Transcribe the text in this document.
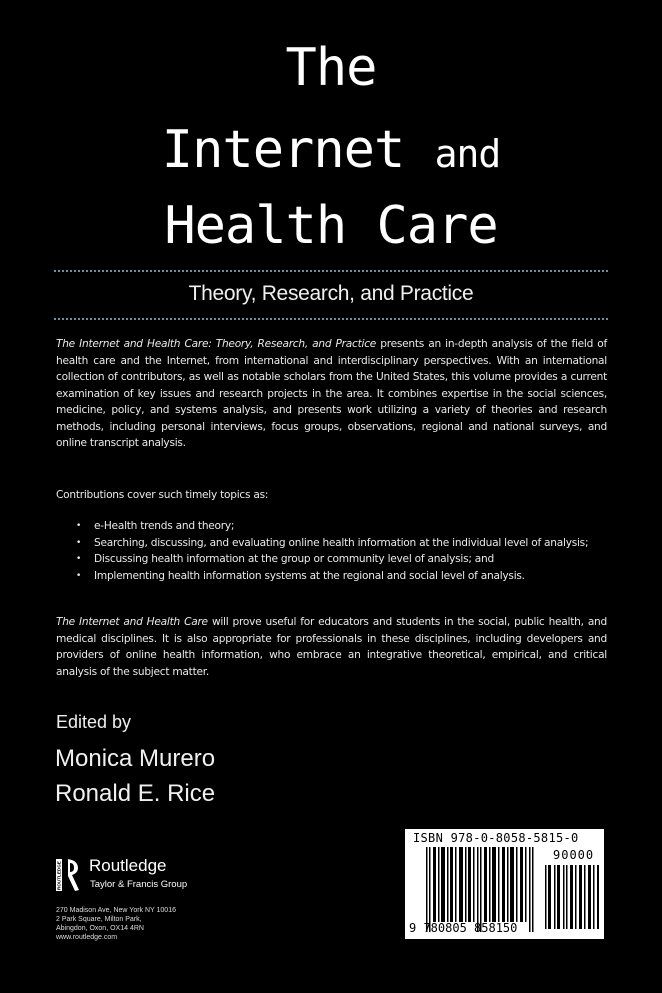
The
Internet and
Health Care
Theory, Research, and Practice

The Internet and Health Care: Theory, Research, and Practice presents an in-depth analysis of the field of health care and the Internet, from international and interdisciplinary perspectives. With an international collection of contributors, as well as notable scholars from the United States, this volume provides a current examination of key issues and research projects in the area. It combines expertise in the social sciences, medicine, policy, and systems analysis, and presents work utilizing a variety of theories and research methods, including personal interviews, focus groups, observations, regional and national surveys, and online transcript analysis.

Contributions cover such timely topics as:

• e-Health trends and theory;
• Searching, discussing, and evaluating online health information at the individual level of analysis;
• Discussing health information at the group or community level of analysis; and
• Implementing health information systems at the regional and social level of analysis.

The Internet and Health Care will prove useful for educators and students in the social, public health, and medical disciplines. It is also appropriate for professionals in these disciplines, including developers and providers of online health information, who embrace an integrative theoretical, empirical, and critical analysis of the subject matter.

Edited by
Monica Murero
Ronald E. Rice
ROUTLEDGE Routledge
Taylor & Francis Group
270 Madison Ave, New York NY 10016
2 Park Square, Milton Park,
Abingdon, Oxon, OX14 4RN
www.routledge.com
ISBN 978-0-8058-5815-0
90000
9 780805 858150
